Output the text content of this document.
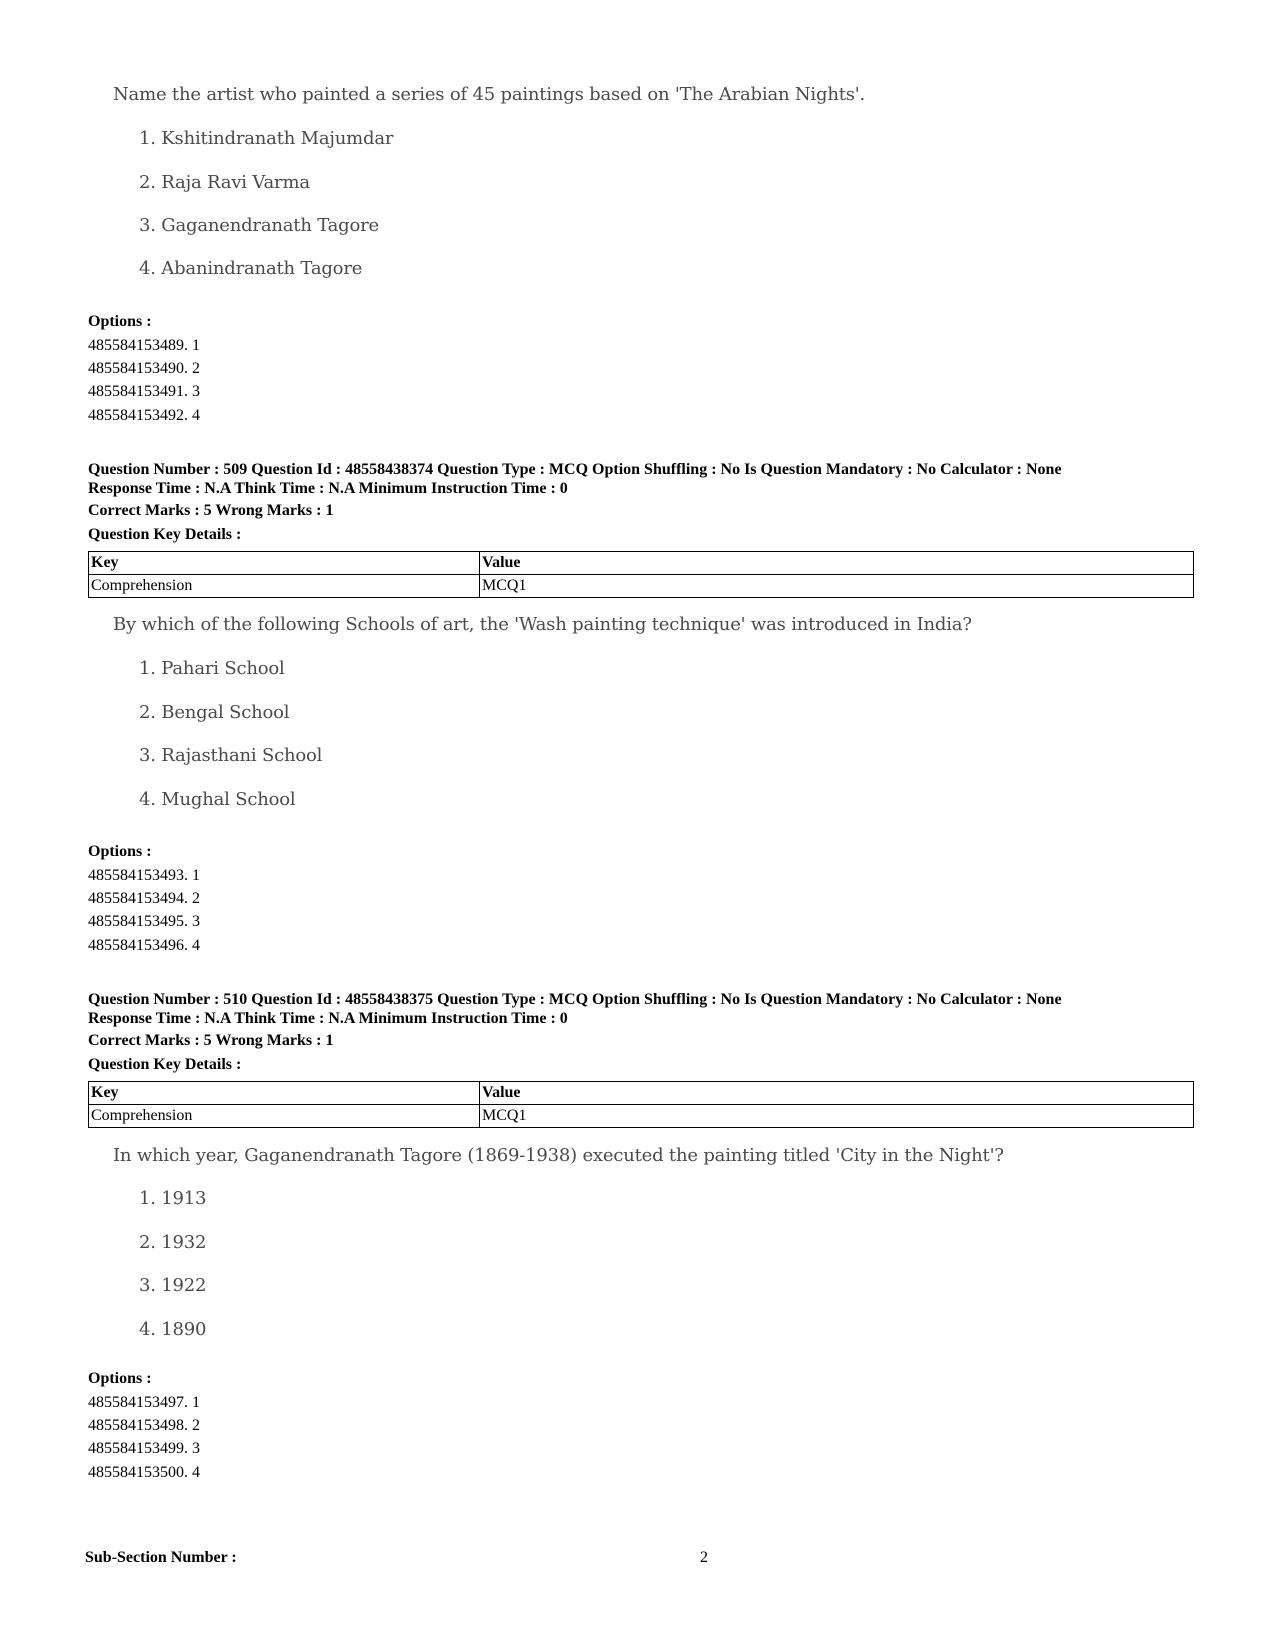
Name the artist who painted a series of 45 paintings based on 'The Arabian Nights'.
1. Kshitindranath Majumdar
2. Raja Ravi Varma
3. Gaganendranath Tagore
4. Abanindranath Tagore
Options :
485584153489. 1
485584153490. 2
485584153491. 3
485584153492. 4
Question Number : 509 Question Id : 48558438374 Question Type : MCQ Option Shuffling : No Is Question Mandatory : No Calculator : None
Response Time : N.A Think Time : N.A Minimum Instruction Time : 0
Correct Marks : 5 Wrong Marks : 1
Question Key Details :
Key	Value
Comprehension	MCQ1
By which of the following Schools of art, the 'Wash painting technique' was introduced in India?
1. Pahari School
2. Bengal School
3. Rajasthani School
4. Mughal School
Options :
485584153493. 1
485584153494. 2
485584153495. 3
485584153496. 4
Question Number : 510 Question Id : 48558438375 Question Type : MCQ Option Shuffling : No Is Question Mandatory : No Calculator : None
Response Time : N.A Think Time : N.A Minimum Instruction Time : 0
Correct Marks : 5 Wrong Marks : 1
Question Key Details :
Key	Value
Comprehension	MCQ1
In which year, Gaganendranath Tagore (1869-1938) executed the painting titled 'City in the Night'?
1. 1913
2. 1932
3. 1922
4. 1890
Options :
485584153497. 1
485584153498. 2
485584153499. 3
485584153500. 4
Sub-Section Number :	2
